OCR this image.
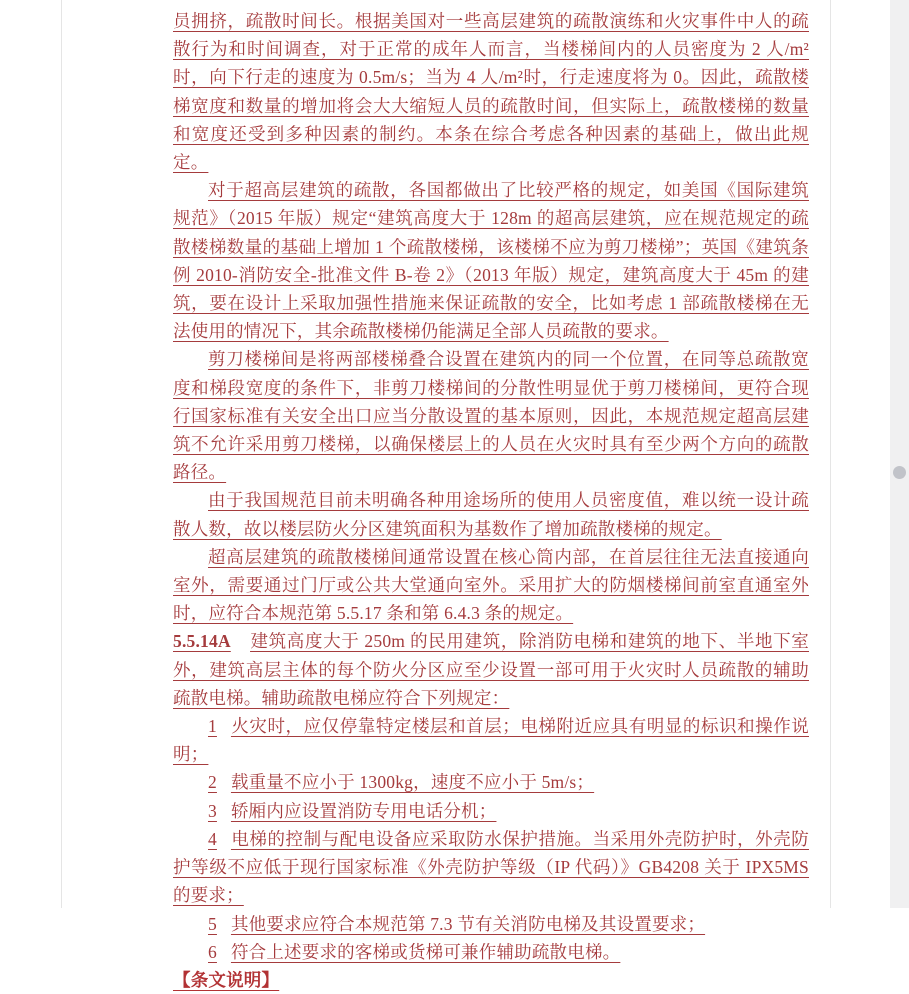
员拥挤，疏散时间长。根据美国对一些高层建筑的疏散演练和火灾事件中人的疏散行为和时间调查，对于正常的成年人而言，当楼梯间内的人员密度为 2 人/m²时，向下行走的速度为 0.5m/s；当为 4 人/m²时，行走速度将为 0。因此，疏散楼梯宽度和数量的增加将会大大缩短人员的疏散时间，但实际上，疏散楼梯的数量和宽度还受到多种因素的制约。本条在综合考虑各种因素的基础上，做出此规定。

对于超高层建筑的疏散，各国都做出了比较严格的规定，如美国《国际建筑规范》（2015 年版）规定“建筑高度大于 128m 的超高层建筑，应在规范规定的疏散楼梯数量的基础上增加 1 个疏散楼梯，该楼梯不应为剪刀楼梯”；英国《建筑条例 2010-消防安全-批准文件 B-卷 2》（2013 年版）规定，建筑高度大于 45m 的建筑，要在设计上采取加强性措施来保证疏散的安全，比如考虑 1 部疏散楼梯在无法使用的情况下，其余疏散楼梯仍能满足全部人员疏散的要求。

剪刀楼梯间是将两部楼梯叠合设置在建筑内的同一个位置，在同等总疏散宽度和梯段宽度的条件下，非剪刀楼梯间的分散性明显优于剪刀楼梯间，更符合现行国家标准有关安全出口应当分散设置的基本原则，因此，本规范规定超高层建筑不允许采用剪刀楼梯，以确保楼层上的人员在火灾时具有至少两个方向的疏散路径。

由于我国规范目前未明确各种用途场所的使用人员密度值，难以统一设计疏散人数，故以楼层防火分区建筑面积为基数作了增加疏散楼梯的规定。

超高层建筑的疏散楼梯间通常设置在核心筒内部，在首层往往无法直接通向室外，需要通过门厅或公共大堂通向室外。采用扩大的防烟楼梯间前室直通室外时，应符合本规范第 5.5.17 条和第 6.4.3 条的规定。

5.5.14A 建筑高度大于 250m 的民用建筑，除消防电梯和建筑的地下、半地下室外，建筑高层主体的每个防火分区应至少设置一部可用于火灾时人员疏散的辅助疏散电梯。辅助疏散电梯应符合下列规定：

1 火灾时，应仅停靠特定楼层和首层；电梯附近应具有明显的标识和操作说明；

2 载重量不应小于 1300kg，速度不应小于 5m/s；

3 轿厢内应设置消防专用电话分机；

4 电梯的控制与配电设备应采取防水保护措施。当采用外壳防护时，外壳防护等级不应低于现行国家标准《外壳防护等级（IP 代码）》GB4208 关于 IPX5MS 的要求；

5 其他要求应符合本规范第 7.3 节有关消防电梯及其设置要求；

6 符合上述要求的客梯或货梯可兼作辅助疏散电梯。

【条文说明】
